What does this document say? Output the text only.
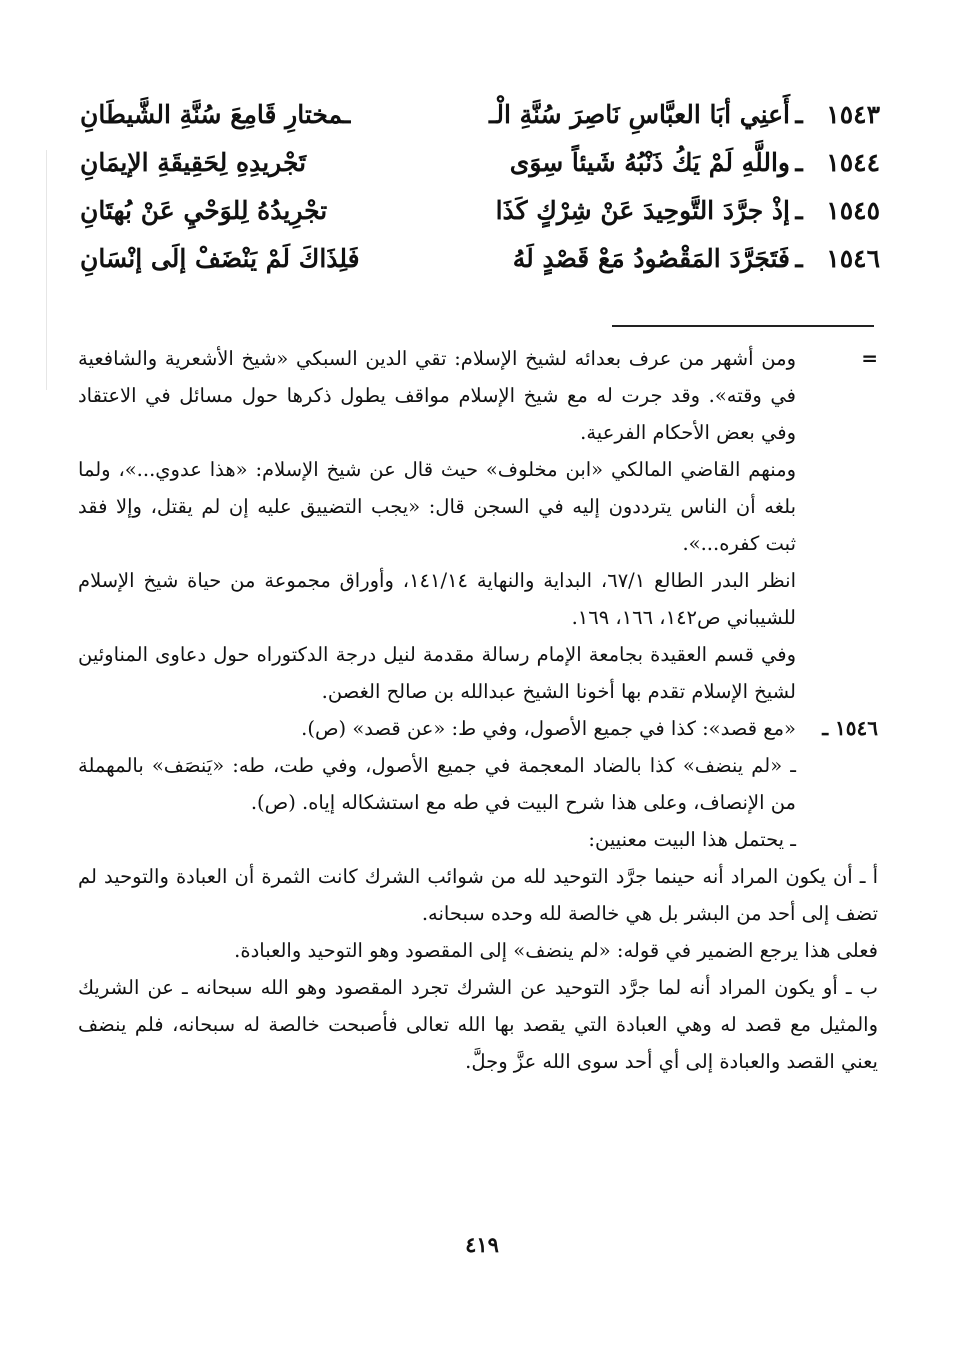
١٥٤٣
ـ
أَعنِي أبَا العبَّاسِ نَاصِرَ سُنَّةِ الْـ
ـمختارِ قَامِعَ سُنَّةِ الشَّيطَانِ
١٥٤٤
ـ
واللَّهِ لَمْ يَكُ ذَنْبُهُ شَيئاً سِوَى
تَجْريدِهِ لِحَقِيقَةِ الإيمَانِ
١٥٤٥
ـ
إذْ جرَّدَ التَّوحِيدَ عَنْ شِرْكٍ كَذَا
تجْرِيدُهُ لِلوَحْيِ عَنْ بُهتَانِ
١٥٤٦
ـ
فَتَجَرَّدَ المَقْصُودُ مَعْ قَصْدٍ لَهُ
فَلِذَاكَ لَمْ يَنْضَفْ إلَى إنْسَانِ
=

ومن أشهر من عرف بعدائه لشيخ الإسلام: تقي الدين السبكي «شيخ الأشعرية والشافعية في وقته». وقد جرت له مع شيخ الإسلام مواقف يطول ذكرها حول مسائل في الاعتقاد وفي بعض الأحكام الفرعية.

ومنهم القاضي المالكي «ابن مخلوف» حيث قال عن شيخ الإسلام: «هذا عدوي...»، ولما بلغه أن الناس يترددون إليه في السجن قال: «يجب التضييق عليه إن لم يقتل، وإلا فقد ثبت كفره...».

انظر البدر الطالع ٦٧/١، البداية والنهاية ١٤١/١٤، وأوراق مجموعة من حياة شيخ الإسلام للشيباني ص١٤٢، ١٦٦، ١٦٩.

وفي قسم العقيدة بجامعة الإمام رسالة مقدمة لنيل درجة الدكتوراه حول دعاوى المناوئين لشيخ الإسلام تقدم بها أخونا الشيخ عبدالله بن صالح الغصن.

١٥٤٦ ـ

«مع قصد»: كذا في جميع الأصول، وفي ط: «عن قصد» (ص).

ـ «لم ينضف» كذا بالضاد المعجمة في جميع الأصول، وفي طت، طه: «يَنصَف» بالمهملة من الإنصاف، وعلى هذا شرح البيت في طه مع استشكاله إياه. (ص).

ـ يحتمل هذا البيت معنيين:

أ ـ أن يكون المراد أنه حينما جرَّد التوحيد لله من شوائب الشرك كانت الثمرة أن العبادة والتوحيد لم تضف إلى أحد من البشر بل هي خالصة لله وحده سبحانه.

فعلى هذا يرجع الضمير في قوله: «لم ينضف» إلى المقصود وهو التوحيد والعبادة.

ب ـ أو يكون المراد أنه لما جرَّد التوحيد عن الشرك تجرد المقصود وهو الله سبحانه ـ عن الشريك والمثيل مع قصد له وهي العبادة التي يقصد بها الله تعالى فأصبحت خالصة له سبحانه، فلم ينضف يعني القصد والعبادة إلى أي أحد سوى الله عزَّ وجلَّ.

٤١٩
